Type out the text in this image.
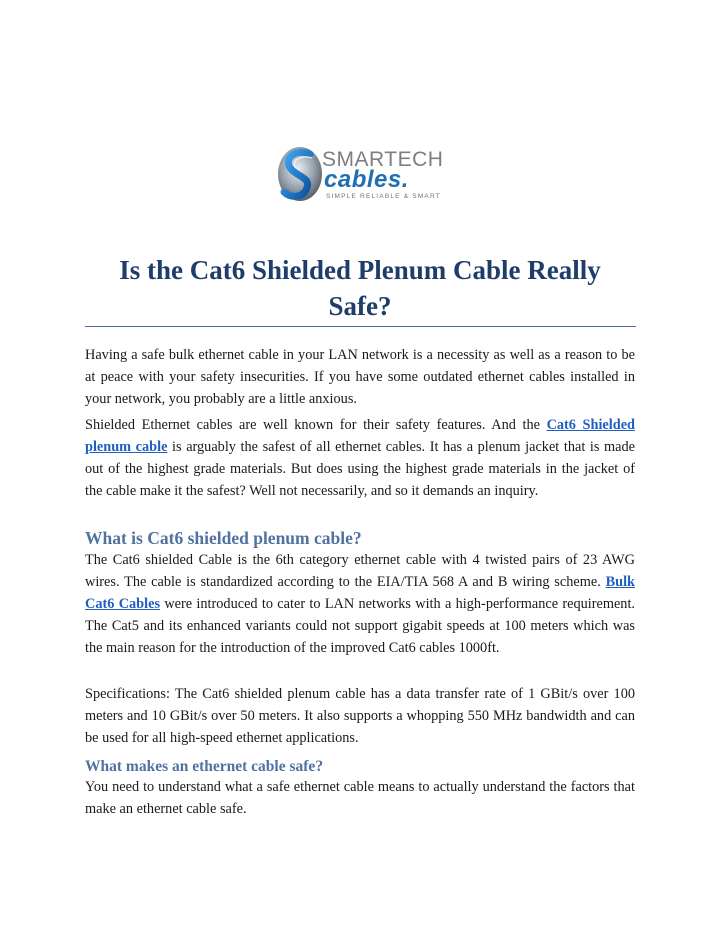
SMARTECH
cables.
SIMPLE RELIABLE & SMART
Is the Cat6 Shielded Plenum Cable Really Safe?

Having a safe bulk ethernet cable in your LAN network is a necessity as well as a reason to be at peace with your safety insecurities. If you have some outdated ethernet cables installed in your network, you probably are a little anxious.

Shielded Ethernet cables are well known for their safety features. And the Cat6 Shielded plenum cable is arguably the safest of all ethernet cables. It has a plenum jacket that is made out of the highest grade materials. But does using the highest grade materials in the jacket of the cable make it the safest? Well not necessarily, and so it demands an inquiry.

What is Cat6 shielded plenum cable?

The Cat6 shielded Cable is the 6th category ethernet cable with 4 twisted pairs of 23 AWG wires. The cable is standardized according to the EIA/TIA 568 A and B wiring scheme. Bulk Cat6 Cables were introduced to cater to LAN networks with a high-performance requirement. The Cat5 and its enhanced variants could not support gigabit speeds at 100 meters which was the main reason for the introduction of the improved Cat6 cables 1000ft.

Specifications: The Cat6 shielded plenum cable has a data transfer rate of 1 GBit/s over 100 meters and 10 GBit/s over 50 meters. It also supports a whopping 550 MHz bandwidth and can be used for all high-speed ethernet applications.

What makes an ethernet cable safe?

You need to understand what a safe ethernet cable means to actually understand the factors that make an ethernet cable safe.
